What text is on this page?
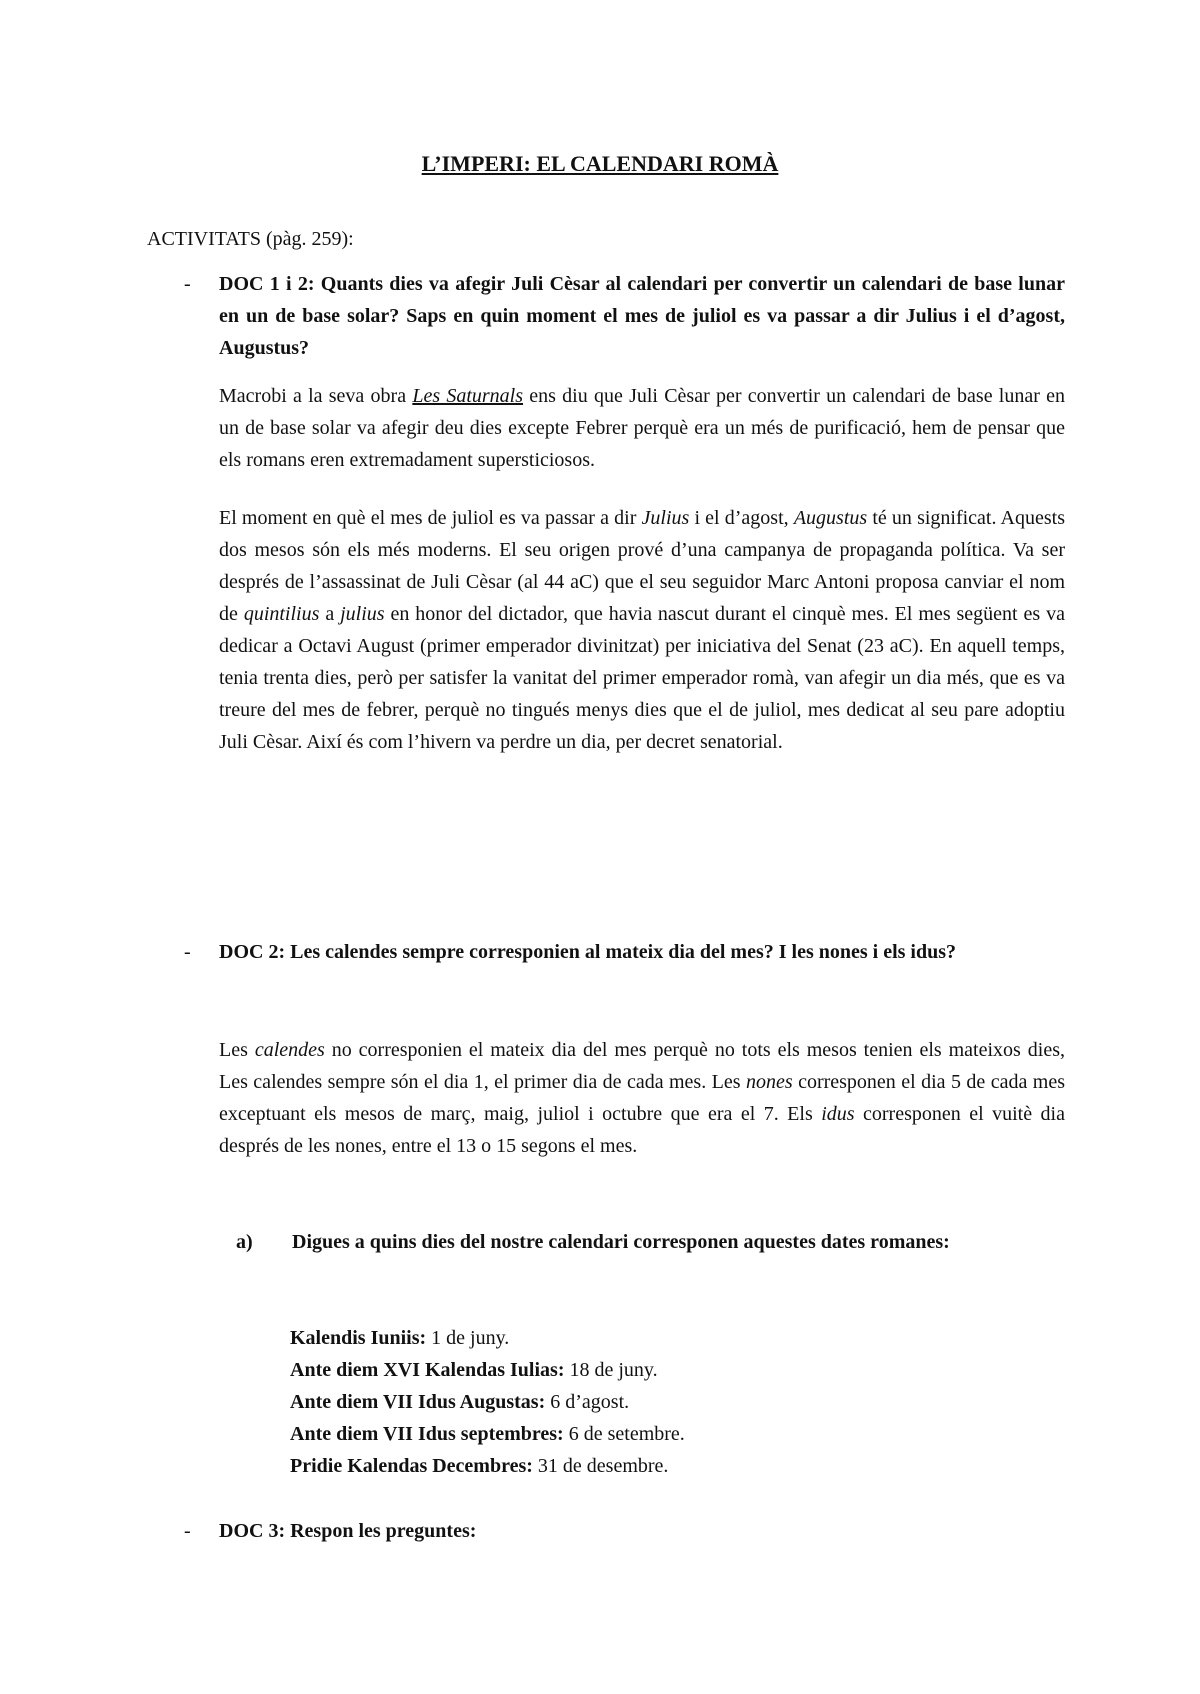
L’IMPERI: EL CALENDARI ROMÀ
ACTIVITATS (pàg. 259):
- DOC 1 i 2: Quants dies va afegir Juli Cèsar al calendari per convertir un calendari de base lunar en un de base solar? Saps en quin moment el mes de juliol es va passar a dir Julius i el d’agost, Augustus?
Macrobi a la seva obra Les Saturnals ens diu que Juli Cèsar per convertir un calendari de base lunar en un de base solar va afegir deu dies excepte Febrer perquè era un més de purificació, hem de pensar que els romans eren extremadament supersticiosos.
El moment en què el mes de juliol es va passar a dir Julius i el d’agost, Augustus té un significat. Aquests dos mesos són els més moderns. El seu origen prové d’una campanya de propaganda política. Va ser després de l’assassinat de Juli Cèsar (al 44 aC) que el seu seguidor Marc Antoni proposa canviar el nom de quintilius a julius en honor del dictador, que havia nascut durant el cinquè mes. El mes següent es va dedicar a Octavi August (primer emperador divinitzat) per iniciativa del Senat (23 aC). En aquell temps, tenia trenta dies, però per satisfer la vanitat del primer emperador romà, van afegir un dia més, que es va treure del mes de febrer, perquè no tingués menys dies que el de juliol, mes dedicat al seu pare adoptiu Juli Cèsar. Així és com l’hivern va perdre un dia, per decret senatorial.
- DOC 2: Les calendes sempre corresponien al mateix dia del mes? I les nones i els idus?
Les calendes no corresponien el mateix dia del mes perquè no tots els mesos tenien els mateixos dies, Les calendes sempre són el dia 1, el primer dia de cada mes. Les nones corresponen el dia 5 de cada mes exceptuant els mesos de març, maig, juliol i octubre que era el 7. Els idus corresponen el vuitè dia després de les nones, entre el 13 o 15 segons el mes.
a) Digues a quins dies del nostre calendari corresponen aquestes dates romanes:
Kalendis Iuniis: 1 de juny.
Ante diem XVI Kalendas Iulias: 18 de juny.
Ante diem VII Idus Augustas: 6 d’agost.
Ante diem VII Idus septembres: 6 de setembre.
Pridie Kalendas Decembres: 31 de desembre.
- DOC 3: Respon les preguntes:
